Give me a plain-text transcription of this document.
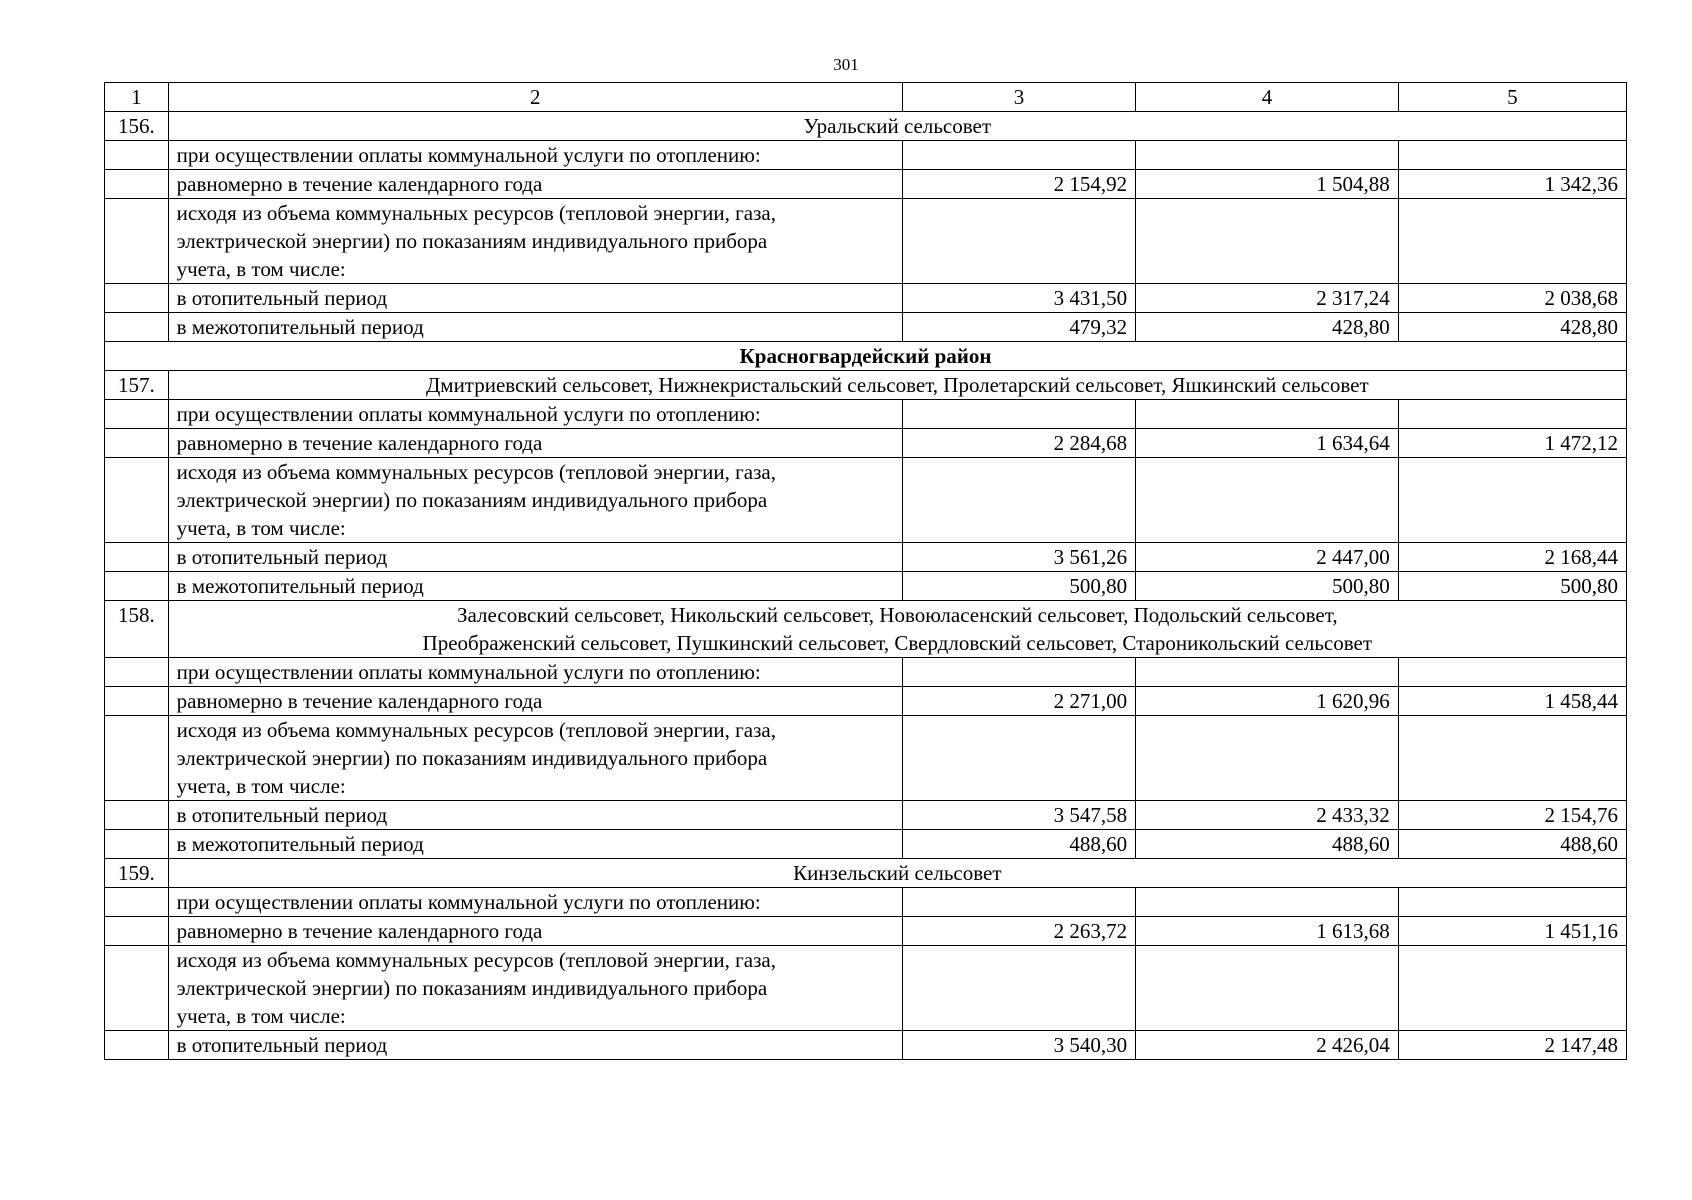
301
1	2	3	4	5
156.	Уральский сельсовет			

	при осуществлении оплаты коммунальной услуги по отоплению:			

	равномерно в течение календарного года	2 154,92	1 504,88	1 342,36

	исходя из объема коммунальных ресурсов (тепловой энергии, газа,
электрической энергии) по показаниям индивидуального прибора
учета, в том числе:			

	в отопительный период	3 431,50	2 317,24	2 038,68

	в межотопительный период	479,32	428,80	428,80
Красногвардейский район				
157.	Дмитриевский сельсовет, Нижнекристальский сельсовет, Пролетарский сельсовет, Яшкинский сельсовет			

	при осуществлении оплаты коммунальной услуги по отоплению:			

	равномерно в течение календарного года	2 284,68	1 634,64	1 472,12

	исходя из объема коммунальных ресурсов (тепловой энергии, газа,
электрической энергии) по показаниям индивидуального прибора
учета, в том числе:			

	в отопительный период	3 561,26	2 447,00	2 168,44

	в межотопительный период	500,80	500,80	500,80
158.	Залесовский сельсовет, Никольский сельсовет, Новоюласенский сельсовет, Подольский сельсовет,
Преображенский сельсовет, Пушкинский сельсовет, Свердловский сельсовет, Староникольский сельсовет			

	при осуществлении оплаты коммунальной услуги по отоплению:			

	равномерно в течение календарного года	2 271,00	1 620,96	1 458,44

	исходя из объема коммунальных ресурсов (тепловой энергии, газа,
электрической энергии) по показаниям индивидуального прибора
учета, в том числе:			

	в отопительный период	3 547,58	2 433,32	2 154,76

	в межотопительный период	488,60	488,60	488,60
159.	Кинзельский сельсовет			

	при осуществлении оплаты коммунальной услуги по отоплению:			

	равномерно в течение календарного года	2 263,72	1 613,68	1 451,16

	исходя из объема коммунальных ресурсов (тепловой энергии, газа,
электрической энергии) по показаниям индивидуального прибора
учета, в том числе:			

	в отопительный период	3 540,30	2 426,04	2 147,48
